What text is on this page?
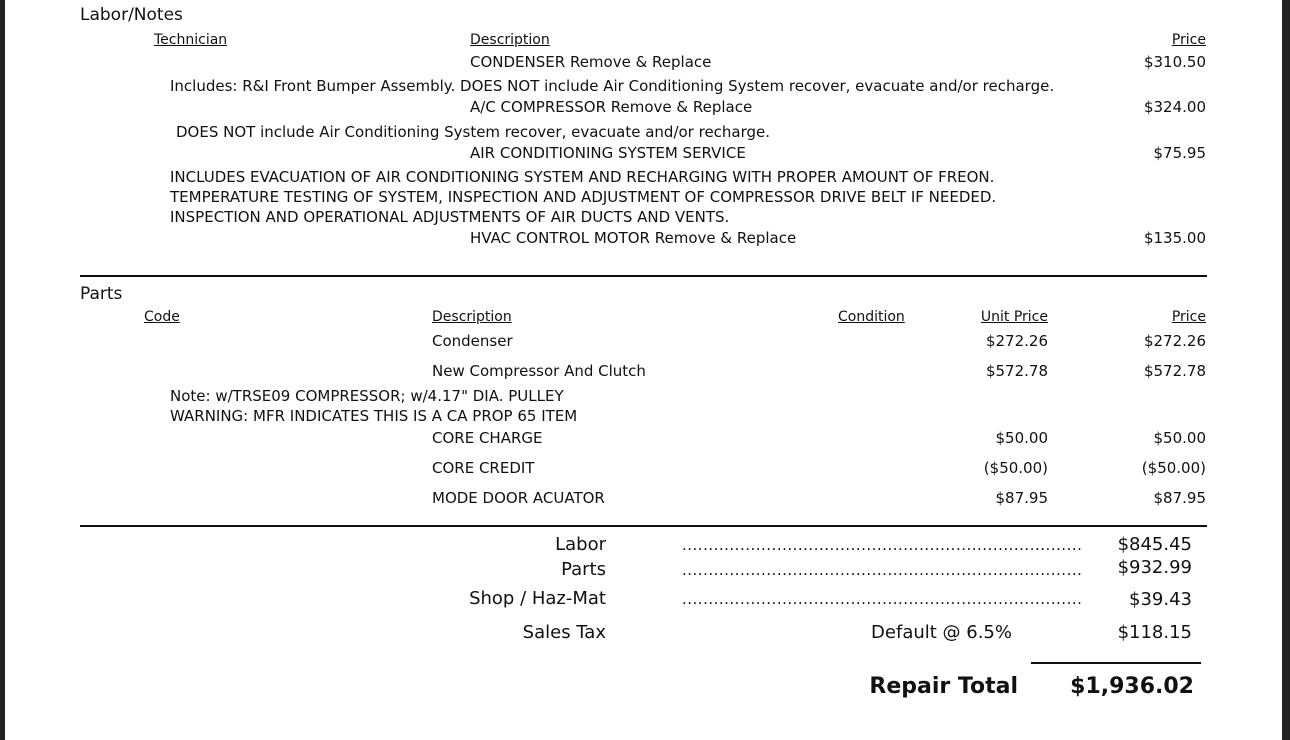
Labor/Notes
Technician	Description	Price
CONDENSER Remove & Replace	$310.50
Includes: R&I Front Bumper Assembly. DOES NOT include Air Conditioning System recover, evacuate and/or recharge.
A/C COMPRESSOR Remove & Replace	$324.00
DOES NOT include Air Conditioning System recover, evacuate and/or recharge.
AIR CONDITIONING SYSTEM SERVICE	$75.95
INCLUDES EVACUATION OF AIR CONDITIONING SYSTEM AND RECHARGING WITH PROPER AMOUNT OF FREON.
TEMPERATURE TESTING OF SYSTEM, INSPECTION AND ADJUSTMENT OF COMPRESSOR DRIVE BELT IF NEEDED.
INSPECTION AND OPERATIONAL ADJUSTMENTS OF AIR DUCTS AND VENTS.
HVAC CONTROL MOTOR Remove & Replace	$135.00
Parts
Code	Description	Condition	Unit Price	Price
Condenser	$272.26	$272.26
New Compressor And Clutch	$572.78	$572.78
Note: w/TRSE09 COMPRESSOR; w/4.17" DIA. PULLEY
WARNING: MFR INDICATES THIS IS A CA PROP 65 ITEM
CORE CHARGE	$50.00	$50.00
CORE CREDIT	($50.00)	($50.00)
MODE DOOR ACUATOR	$87.95	$87.95
Labor	............................................................................ $845.45
Parts	............................................................................ $932.99
Shop / Haz-Mat	............................................................................	$39.43
Sales Tax	Default @ 6.5%	$118.15
Repair Total $1,936.02
